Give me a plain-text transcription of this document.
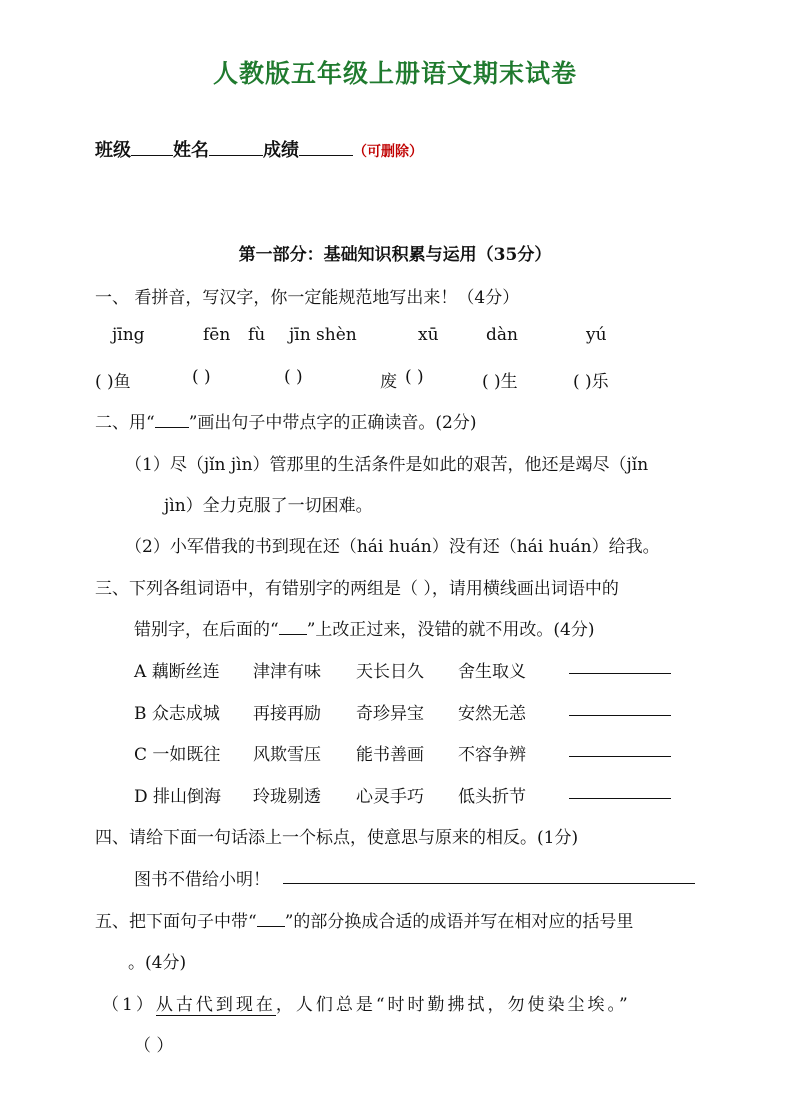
人教版五年级上册语文期末试卷
班级 姓名	成绩	（可删除）
第一部分：基础知识积累与运用（35分）
一、 看拼音，写汉字，你一定能规范地写出来！（4分）
jīng	fēn fù jīn shèn	xū	dàn	yú
( )鱼	( )	( )	废 ( )	( )生	( )乐
二、用“ ”画出句子中带点字的正确读音。(2分)
（1）尽（jǐn jìn）管那里的生活条件是如此的艰苦，他还是竭尽（jǐn
jìn）全力克服了一切困难。
（2）小军借我的书到现在还（hái huán）没有还（hái huán）给我。
三、下列各组词语中，有错别字的两组是（ ），请用横线画出词语中的
错别字，在后面的“ ”上改正过来，没错的就不用改。(4分)
A 藕断丝连 津津有味 天长日久 舍生取义
B 众志成城 再接再励 奇珍异宝 安然无恙
C 一如既往 风欺雪压 能书善画 不容争辨
D 排山倒海 玲珑剔透 心灵手巧 低头折节
四、请给下面一句话添上一个标点，使意思与原来的相反。(1分)
图书不借给小明！
五、把下面句子中带“ ”的部分换成合适的成语并写在相对应的括号里
。(4分)
（1）从古代到现在，人们总是“时时勤拂拭，勿使染尘埃。”
（ ）
